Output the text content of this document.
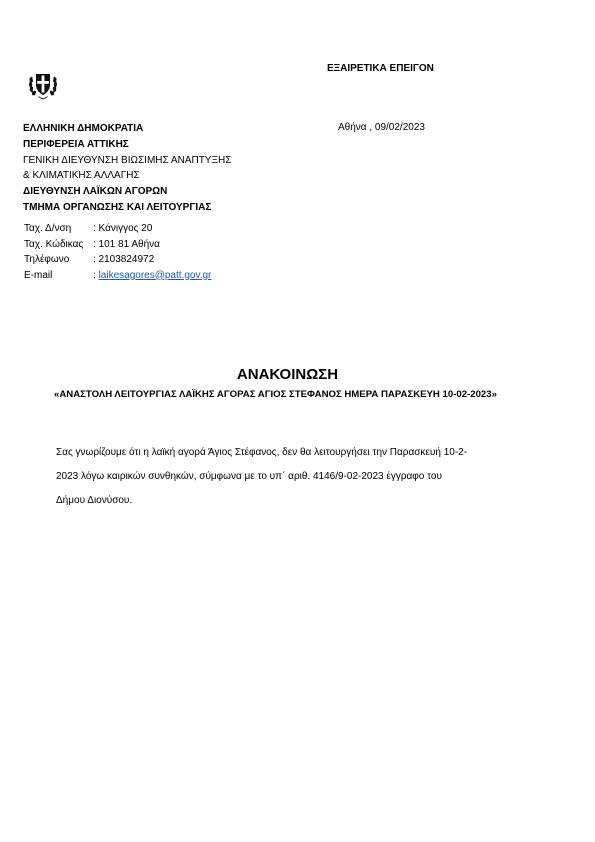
ΕΞΑΙΡΕΤΙΚΑ ΕΠΕΙΓΟΝ
Αθήνα , 09/02/2023
ΕΛΛΗΝΙΚΗ ΔΗΜΟΚΡΑΤΙΑ
ΠΕΡΙΦΕΡΕΙΑ ΑΤΤΙΚΗΣ
ΓΕΝΙΚΗ ΔΙΕΥΘΥΝΣΗ ΒΙΩΣΙΜΗΣ ΑΝΑΠΤΥΞΗΣ
& ΚΛΙΜΑΤΙΚΗΣ ΑΛΛΑΓΗΣ
ΔΙΕΥΘΥΝΣΗ ΛΑΪΚΩΝ ΑΓΟΡΩΝ
ΤΜΗΜΑ ΟΡΓΑΝΩΣΗΣ ΚΑΙ ΛΕΙΤΟΥΡΓΙΑΣ
Ταχ. Δ/νση : Κάνιγγος 20
Ταχ. Κώδικας : 101 81 Αθήνα
Τηλέφωνο : 2103824972
E-mail	: laikesagores@patt.gov.gr
ΑΝΑΚΟΙΝΩΣΗ
«ΑΝΑΣΤΟΛΗ ΛΕΙΤΟΥΡΓΙΑΣ ΛΑΪΚΗΣ ΑΓΟΡΑΣ ΑΓΙΟΣ ΣΤΕΦΑΝΟΣ ΗΜΕΡΑ ΠΑΡΑΣΚΕΥΗ 10-02-2023»
Σας γνωρίζουμε ότι η λαϊκή αγορά Άγιος Στέφανος, δεν θα λειτουργήσει την Παρασκευή 10-2-
2023 λόγω καιρικών συνθηκών, σύμφωνα με το υπ΄ αριθ. 4146/9-02-2023 έγγραφο του
Δήμου Διονύσου.
